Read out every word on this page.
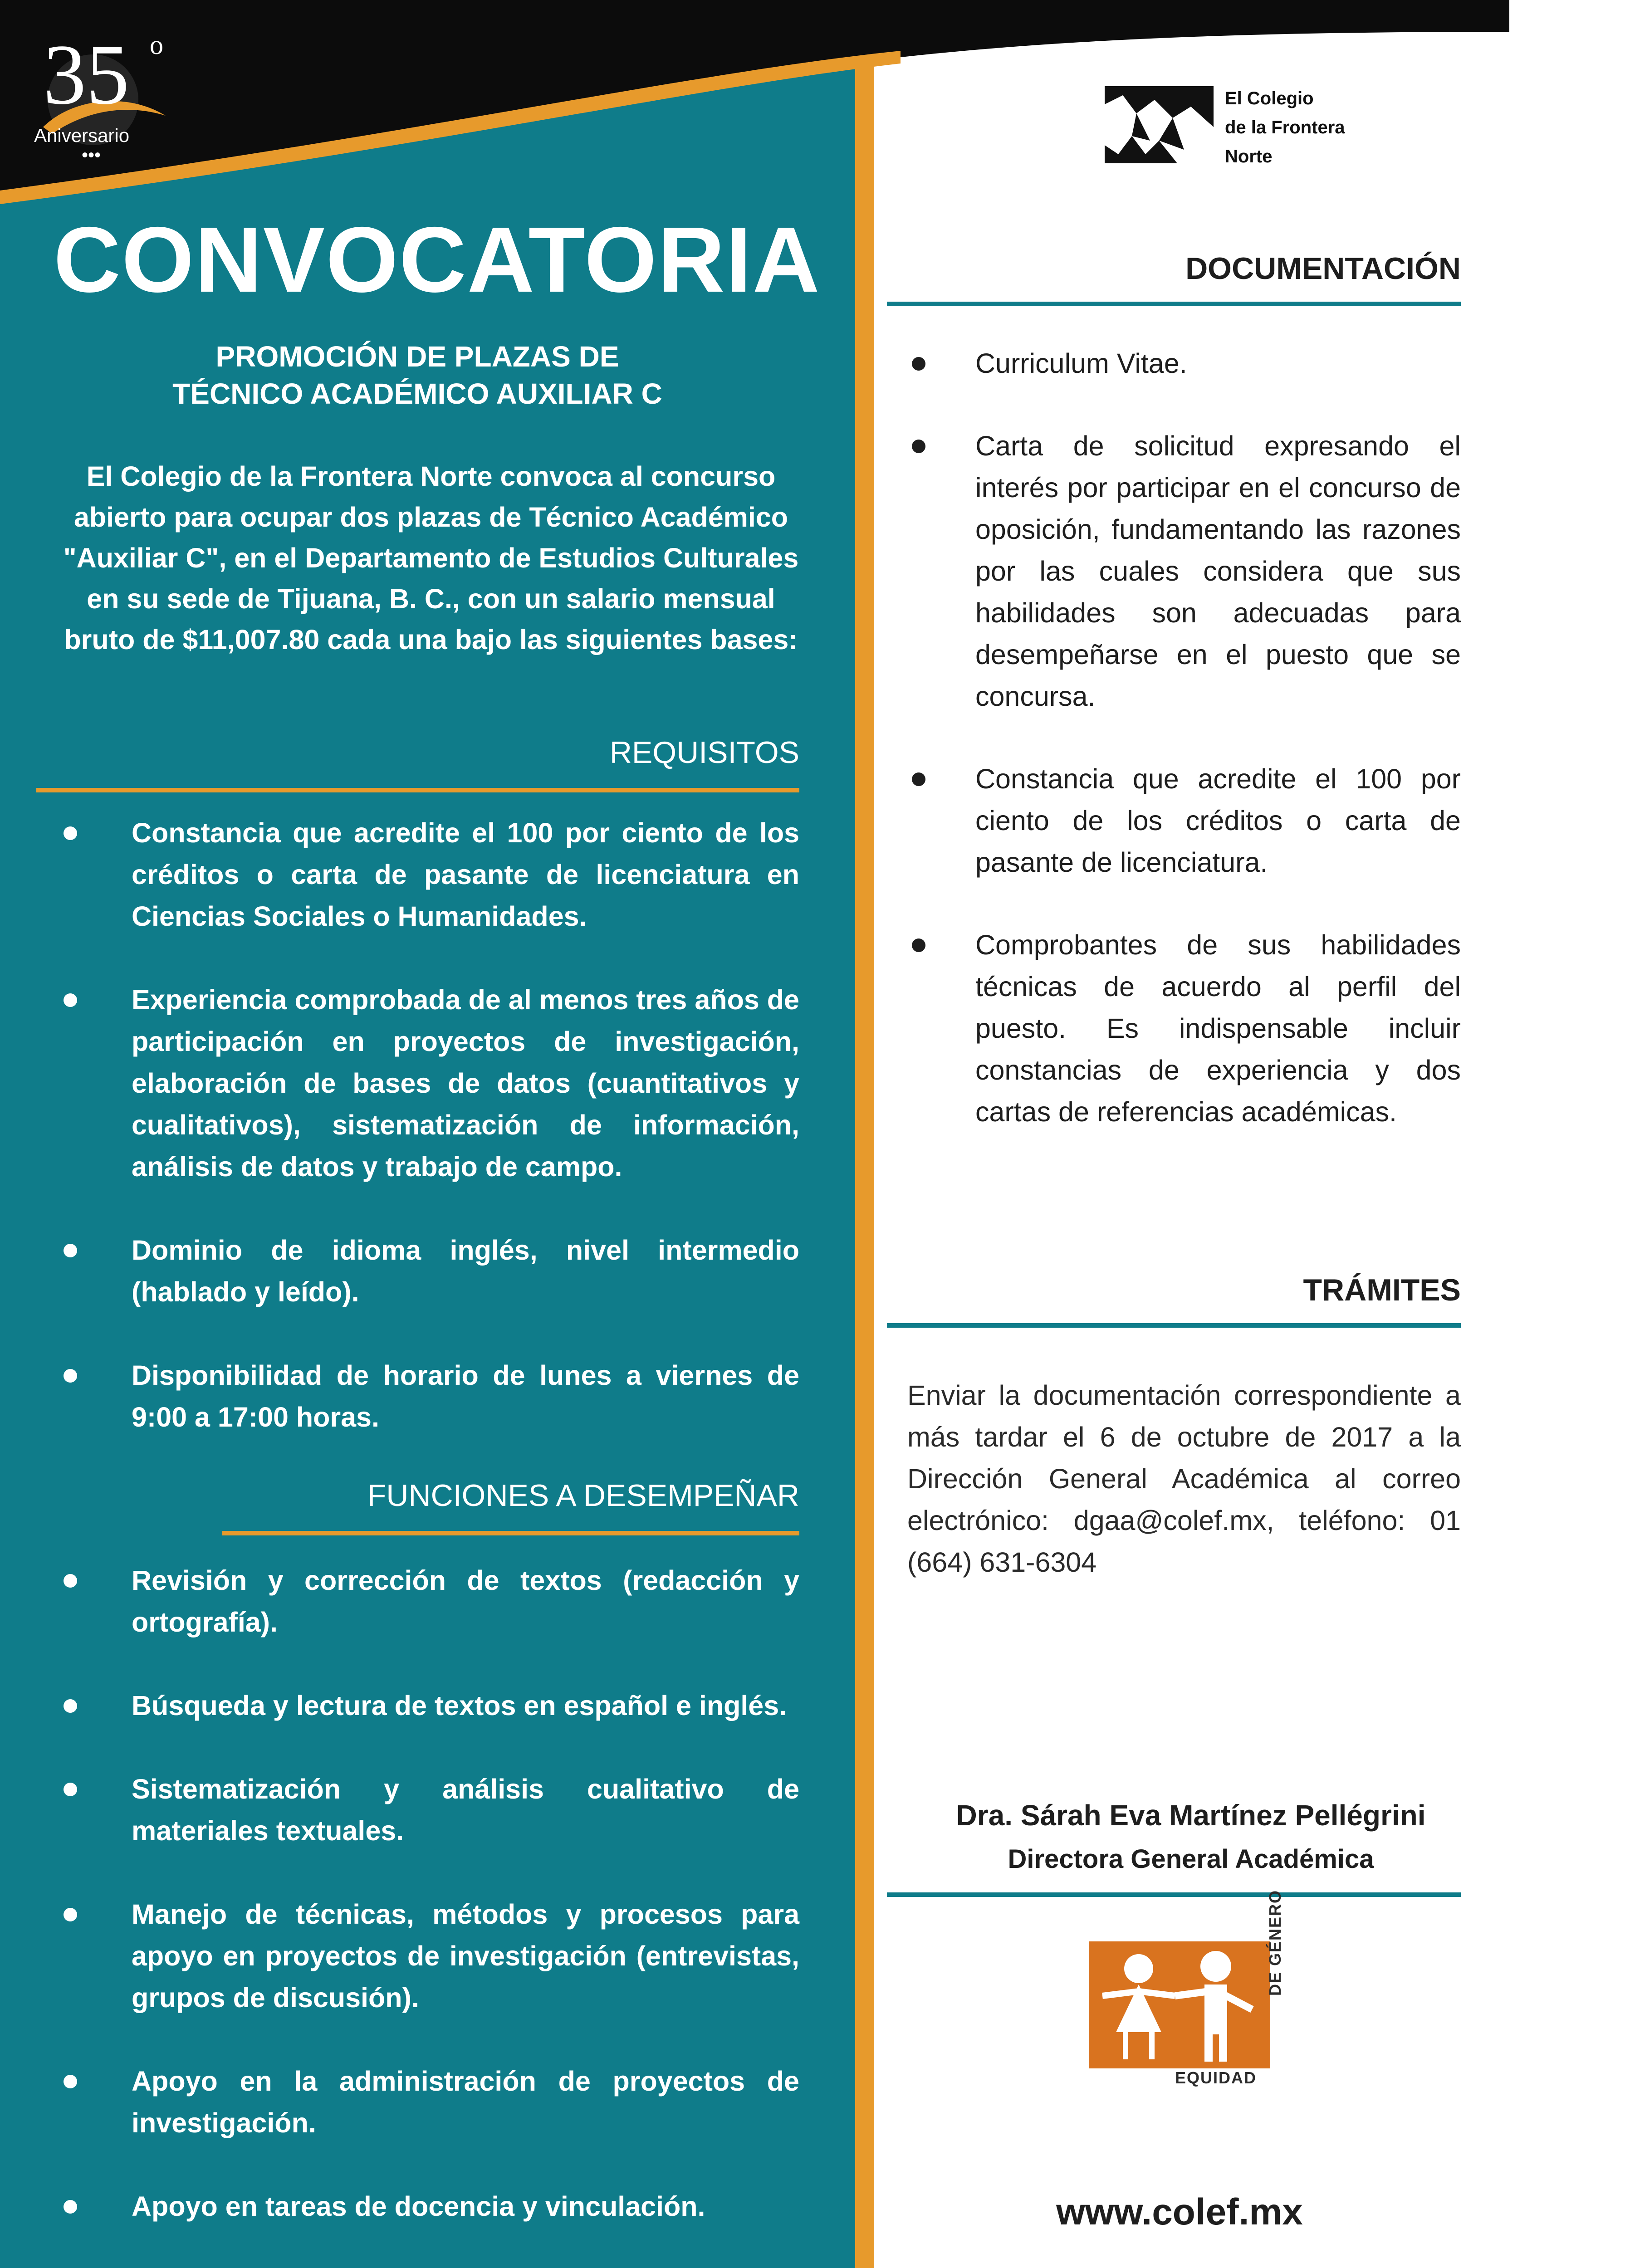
35 o
Aniversario
•••
El Colegio
de la Frontera
Norte
CONVOCATORIA
PROMOCIÓN DE PLAZAS DE
TÉCNICO ACADÉMICO AUXILIAR C
El Colegio de la Frontera Norte convoca al concurso abierto para ocupar dos plazas de Técnico Académico "Auxiliar C", en el Departamento de Estudios Culturales en su sede de Tijuana, B. C., con un salario mensual bruto de $11,007.80 cada una bajo las siguientes bases:
REQUISITOS
Constancia que acredite el 100 por ciento de los créditos o carta de pasante de licenciatura en Ciencias Sociales o Humanidades.
Experiencia comprobada de al menos tres años de participación en proyectos de investigación, elaboración de bases de datos (cuantitativos y cualitativos), sistematización de información, análisis de datos y trabajo de campo.
Dominio de idioma inglés, nivel intermedio (hablado y leído).
Disponibilidad de horario de lunes a viernes de 9:00 a 17:00 horas.
FUNCIONES A DESEMPEÑAR
Revisión y corrección de textos (redacción y ortografía).
Búsqueda y lectura de textos en español e inglés.
Sistematización y análisis cualitativo de materiales textuales.
Manejo de técnicas, métodos y procesos para apoyo en proyectos de investigación (entrevistas, grupos de discusión).
Apoyo en la administración de proyectos de investigación.
Apoyo en tareas de docencia y vinculación.
DOCUMENTACIÓN
Curriculum Vitae.
Carta de solicitud expresando el interés por participar en el concurso de oposición, fundamentando las razones por las cuales considera que sus habilidades son adecuadas para desempeñarse en el puesto que se concursa.
Constancia que acredite el 100 por ciento de los créditos o carta de pasante de licenciatura.
Comprobantes de sus habilidades técnicas de acuerdo al perfil del puesto. Es indispensable incluir constancias de experiencia y dos cartas de referencias académicas.
TRÁMITES
Enviar la documentación correspondiente a más tardar el 6 de octubre de 2017 a la Dirección General Académica al correo electrónico: dgaa@colef.mx, teléfono: 01 (664) 631-6304
Dra. Sárah Eva Martínez Pellégrini
Directora General Académica
EQUIDAD
DE GÉNERO
www.colef.mx
